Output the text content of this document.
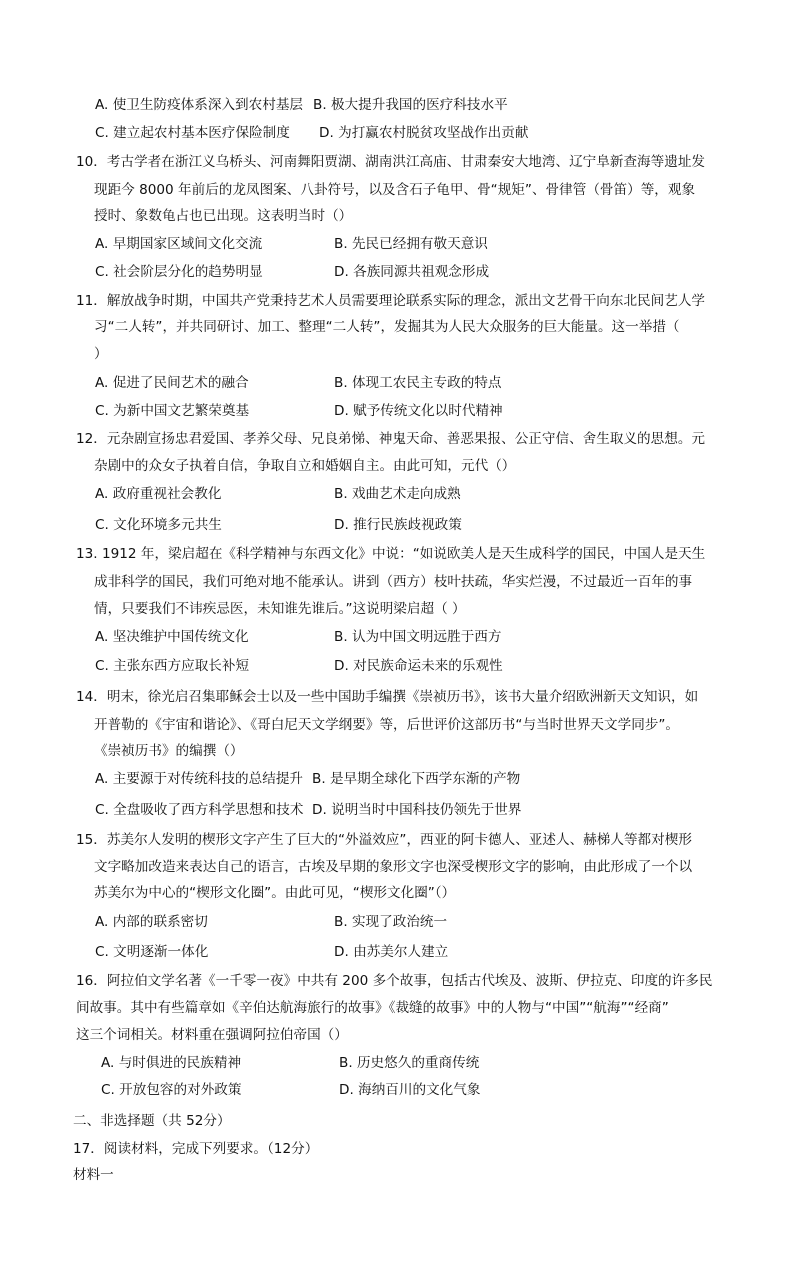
A. 使卫生防疫体系深入到农村基层 B. 极大提升我国的医疗科技水平
C. 建立起农村基本医疗保险制度 D. 为打赢农村脱贫攻坚战作出贡献
10．考古学者在浙江义乌桥头、河南舞阳贾湖、湖南洪江高庙、甘肃秦安大地湾、辽宁阜新查海等遗址发
现距今 8000 年前后的龙凤图案、八卦符号，以及含石子龟甲、骨“规矩”、骨律管（骨笛）等，观象
授时、象数龟占也已出现。这表明当时（）
A. 早期国家区域间文化交流	B. 先民已经拥有敬天意识
C. 社会阶层分化的趋势明显	D. 各族同源共祖观念形成
11．解放战争时期，中国共产党秉持艺术人员需要理论联系实际的理念，派出文艺骨干向东北民间艺人学
习“二人转”，并共同研讨、加工、整理“二人转”，发掘其为人民大众服务的巨大能量。这一举措（
）
A. 促进了民间艺术的融合	B. 体现工农民主专政的特点
C. 为新中国文艺繁荣奠基	D. 赋予传统文化以时代精神
12．元杂剧宣扬忠君爱国、孝养父母、兄良弟悌、神鬼天命、善恶果报、公正守信、舍生取义的思想。元
杂剧中的众女子执着自信，争取自立和婚姻自主。由此可知，元代（）
A. 政府重视社会教化	B. 戏曲艺术走向成熟
C. 文化环境多元共生	D. 推行民族歧视政策
13. 1912 年，梁启超在《科学精神与东西文化》中说：“如说欧美人是天生成科学的国民，中国人是天生
成非科学的国民，我们可绝对地不能承认。讲到（西方）枝叶扶疏，华实烂漫，不过最近一百年的事
情，只要我们不讳疾忌医，未知谁先谁后。”这说明梁启超（ ）
A. 坚决维护中国传统文化	B. 认为中国文明远胜于西方
C. 主张东西方应取长补短	D. 对民族命运未来的乐观性
14．明末，徐光启召集耶稣会士以及一些中国助手编撰《崇祯历书》，该书大量介绍欧洲新天文知识，如
开普勒的《宇宙和谐论》、《哥白尼天文学纲要》等，后世评价这部历书“与当时世界天文学同步”。
《崇祯历书》的编撰（）
A. 主要源于对传统科技的总结提升 B. 是早期全球化下西学东渐的产物
C. 全盘吸收了西方科学思想和技术 D. 说明当时中国科技仍领先于世界
15．苏美尔人发明的楔形文字产生了巨大的“外溢效应”，西亚的阿卡德人、亚述人、赫梯人等都对楔形
文字略加改造来表达自己的语言，古埃及早期的象形文字也深受楔形文字的影响，由此形成了一个以
苏美尔为中心的“楔形文化圈”。由此可见，“楔形文化圈”（）
A. 内部的联系密切	B. 实现了政治统一
C. 文明逐渐一体化	D. 由苏美尔人建立
16．阿拉伯文学名著《一千零一夜》中共有 200 多个故事，包括古代埃及、波斯、伊拉克、印度的许多民
间故事。其中有些篇章如《辛伯达航海旅行的故事》《裁缝的故事》中的人物与“中国”“航海”“经商”
这三个词相关。材料重在强调阿拉伯帝国（）
A. 与时俱进的民族精神	B. 历史悠久的重商传统
C. 开放包容的对外政策	D. 海纳百川的文化气象
二、非选择题（共 52分）
17．阅读材料，完成下列要求。（12分）
材料一
